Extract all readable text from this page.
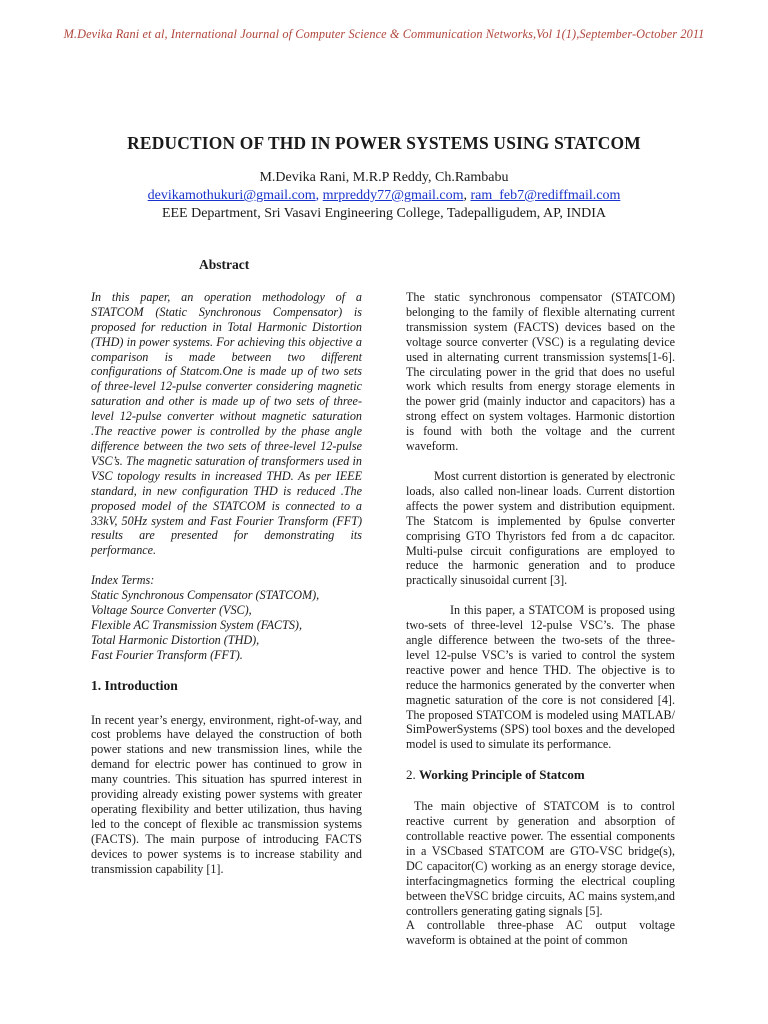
M.Devika Rani et al, International Journal of Computer Science & Communication Networks,Vol 1(1),September-October 2011
REDUCTION OF THD IN POWER SYSTEMS USING STATCOM
M.Devika Rani, M.R.P Reddy, Ch.Rambabu
devikamothukuri@gmail.com, mrpreddy77@gmail.com, ram_feb7@rediffmail.com
EEE Department, Sri Vasavi Engineering College, Tadepalligudem, AP, INDIA
Abstract

In this paper, an operation methodology of a STATCOM (Static Synchronous Compensator) is proposed for reduction in Total Harmonic Distortion (THD) in power systems. For achieving this objective a comparison is made between two different configurations of Statcom.One is made up of two sets of three-level 12-pulse converter considering magnetic saturation and other is made up of two sets of three-level 12-pulse converter without magnetic saturation .The reactive power is controlled by the phase angle difference between the two sets of three-level 12-pulse VSC’s. The magnetic saturation of transformers used in VSC topology results in increased THD. As per IEEE standard, in new configuration THD is reduced .The proposed model of the STATCOM is connected to a 33kV, 50Hz system and Fast Fourier Transform (FFT) results are presented for demonstrating its performance.

Index Terms:

Static Synchronous Compensator (STATCOM),

Voltage Source Converter (VSC),

Flexible AC Transmission System (FACTS),

Total Harmonic Distortion (THD),

Fast Fourier Transform (FFT).

1. Introduction

In recent year’s energy, environment, right-of-way, and cost problems have delayed the construction of both power stations and new transmission lines, while the demand for electric power has continued to grow in many countries. This situation has spurred interest in providing already existing power systems with greater operating flexibility and better utilization, thus having led to the concept of flexible ac transmission systems (FACTS). The main purpose of introducing FACTS devices to power systems is to increase stability and transmission capability [1].

The static synchronous compensator (STATCOM) belonging to the family of flexible alternating current transmission system (FACTS) devices based on the voltage source converter (VSC) is a regulating device used in alternating current transmission systems[1-6]. The circulating power in the grid that does no useful work which results from energy storage elements in the power grid (mainly inductor and capacitors) has a strong effect on system voltages. Harmonic distortion is found with both the voltage and the current waveform.

Most current distortion is generated by electronic loads, also called non-linear loads. Current distortion affects the power system and distribution equipment. The Statcom is implemented by 6pulse converter comprising GTO Thyristors fed from a dc capacitor. Multi-pulse circuit configurations are employed to reduce the harmonic generation and to produce practically sinusoidal current [3].

In this paper, a STATCOM is proposed using two-sets of three-level 12-pulse VSC’s. The phase angle difference between the two-sets of the three-level 12-pulse VSC’s is varied to control the system reactive power and hence THD. The objective is to reduce the harmonics generated by the converter when magnetic saturation of the core is not considered [4]. The proposed STATCOM is modeled using MATLAB/ SimPowerSystems (SPS) tool boxes and the developed model is used to simulate its performance.

2. Working Principle of Statcom

The main objective of STATCOM is to control reactive current by generation and absorption of controllable reactive power. The essential components in a VSCbased STATCOM are GTO-VSC bridge(s), DC capacitor(C) working as an energy storage device, interfacingmagnetics forming the electrical coupling between theVSC bridge circuits, AC mains system,and controllers generating gating signals [5].

A controllable three-phase AC output voltage waveform is obtained at the point of common
